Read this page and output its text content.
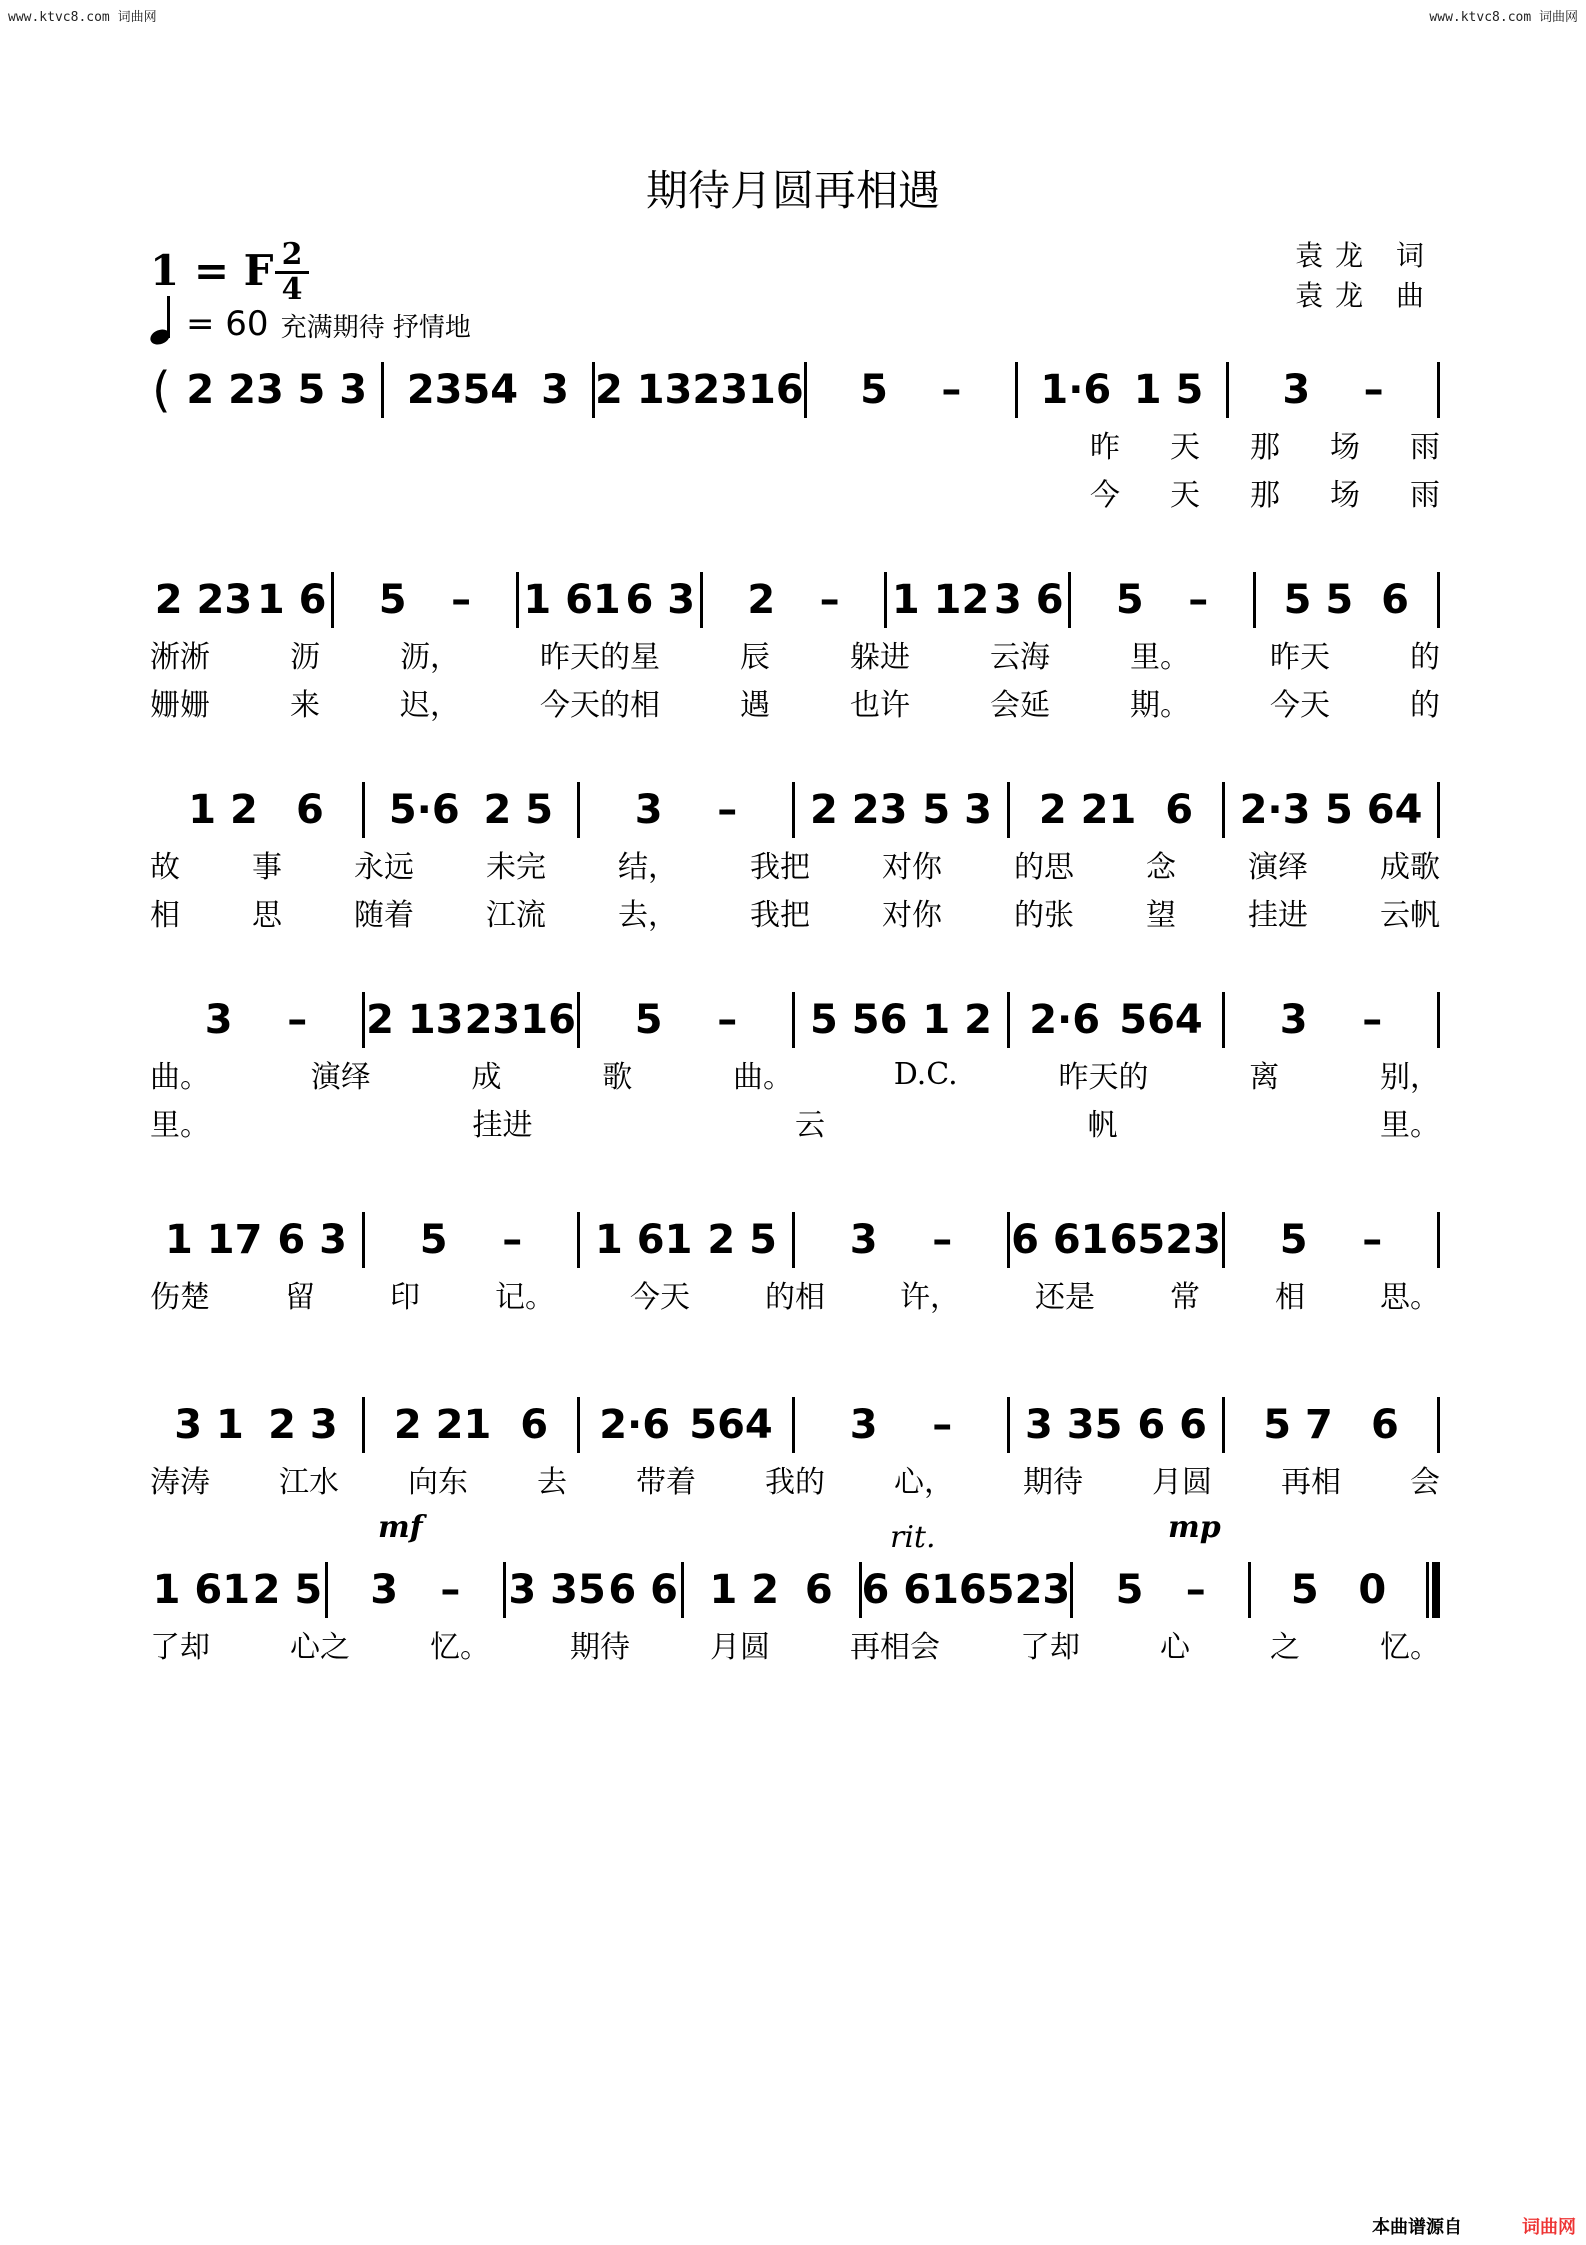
www.ktvc8.com 词曲网	www.ktvc8.com 词曲网
期待月圆再相遇
1 = F 2
4
= 60 充满期待 抒情地
袁龙 词
袁龙 曲
( 2 23 5 3 2354 3 2 13 2316 5 – 1·6 1 5 3 –
昨 天 那 场 雨
今 天 那 场 雨
2 23 1 6 5 – 1 61 6 3 2 – 1 12 3 6 5 – 5 5 6
淅淅	沥	沥，	昨天的星	辰	躲进	云海	里。	昨天	的
姗姗	来	迟，	今天的相	遇	也许	会延	期。	今天	的
1 2 6 5·6 2 5 3 – 2 23 5 3 2 21 6 2·3 5 64
故 事 永远 未完 结， 我把 对你 的思 念 演绎 成歌
相 思 随着 江流 去， 我把 对你 的张 望 挂进 云帆
3 – 2 13 2316 5 – 5 56 1 2 2·6 564 3 –
曲。	演绎	成	歌	曲。	D.C.	昨天的	离	别，
里。	挂进	云	帆	里。
1 17 6 3 5 – 1 61 2 5 3 – 6 61 6523 5 –
伤楚	留	印	记。	今天	的相	许，	还是	常	相	思。
3 1 2 3 2 21 6 2·6 564 3 – 3 35 6 6 5 7 6
涛涛 江水 向东 去 带着 我的 心， 期待 月圆 再相 会
1 61 2 5 3 – 3 35 6 6 1 2 6 6 61 6523 5 – 5 0
了却	心之	忆。	期待	月圆	再相会	了却	心	之	忆。
mf	rit.	mp
本曲谱源自	词曲网
